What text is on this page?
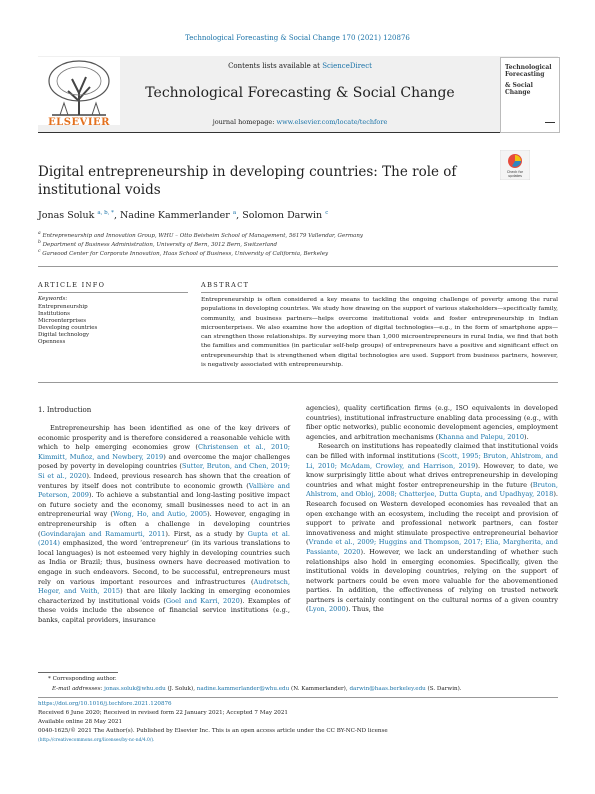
Technological Forecasting & Social Change 170 (2021) 120876
ELSEVIER
Contents lists available at ScienceDirect
Technological Forecasting & Social Change
journal homepage: www.elsevier.com/locate/techfore
Technological
Forecasting
& Social
Change
Digital entrepreneurship in developing countries: The role of institutional voids
Check for
updates
Jonas Soluk $^{a, b, *}$, Nadine Kammerlander $^a$, Solomon Darwin $^c$
$^a$ Entrepreneurship and Innovation Group, WHU – Otto Beisheim School of Management, 56179 Vallendar, Germany
$^b$ Department of Business Administration, University of Bern, 3012 Bern, Switzerland
$^c$ Garwood Center for Corporate Innovation, Haas School of Business, University of California, Berkeley
ARTICLE INFO	ABSTRACT
Keywords:
Entrepreneurship
Institutions
Microenterprises
Developing countries
Digital technology
Openness
Entrepreneurship is often considered a key means to tackling the ongoing challenge of poverty among the rural populations in developing countries. We study how drawing on the support of various stakeholders—specifically family, community, and business partners—helps overcome institutional voids and foster entrepreneurship in Indian microenterprises. We also examine how the adoption of digital technologies—e.g., in the form of smartphone apps—can strengthen those relationships. By surveying more than 1,000 microentrepreneurs in rural India, we find that both the families and communities (in particular self-help groups) of entrepreneurs have a positive and significant effect on entrepreneurship that is strengthened when digital technologies are used. Support from business partners, however, is negatively associated with entrepreneurship.
1. Introduction

Entrepreneurship has been identified as one of the key drivers of economic prosperity and is therefore considered a reasonable vehicle with which to help emerging economies grow (Christensen et al., 2010; Kimmitt, Muñoz, and Newbery, 2019) and overcome the major challenges posed by poverty in developing countries (Sutter, Bruton, and Chen, 2019; Si et al., 2020). Indeed, previous research has shown that the creation of ventures by itself does not contribute to economic growth (Vallière and Peterson, 2009). To achieve a substantial and long-lasting positive impact on future society and the economy, small businesses need to act in an entrepreneurial way (Wong, Ho, and Autio, 2005). However, engaging in entrepreneurship is often a challenge in developing countries (Govindarajan and Ramamurti, 2011). First, as a study by Gupta et al. (2014) emphasized, the word ‘entrepreneur’ (in its various translations to local languages) is not esteemed very highly in developing countries such as India or Brazil; thus, business owners have decreased motivation to engage in such endeavors. Second, to be successful, entrepreneurs must rely on various important resources and infrastructures (Audretsch, Heger, and Veith, 2015) that are likely lacking in emerging economies characterized by institutional voids (Goel and Karri, 2020). Examples of these voids include the absence of financial service institutions (e.g., banks, capital providers, insurance

agencies), quality certification firms (e.g., ISO equivalents in developed countries), institutional infrastructure enabling data processing (e.g., with fiber optic networks), public economic development agencies, employment agencies, and arbitration mechanisms (Khanna and Palepu, 2010).

Research on institutions has repeatedly claimed that institutional voids can be filled with informal institutions (Scott, 1995; Bruton, Ahlstrom, and Li, 2010; McAdam, Crowley, and Harrison, 2019). However, to date, we know surprisingly little about what drives entrepreneurship in developing countries and what might foster entrepreneurship in the future (Bruton, Ahlstrom, and Obloj, 2008; Chatterjee, Dutta Gupta, and Upadhyay, 2018). Research focused on Western developed economies has revealed that an open exchange with an ecosystem, including the receipt and provision of support to private and professional network partners, can foster innovativeness and might stimulate prospective entrepreneurial behavior (Vrande et al., 2009; Huggins and Thompson, 2017; Elia, Margherita, and Passiante, 2020). However, we lack an understanding of whether such relationships also hold in emerging economies. Specifically, given the institutional voids in developing countries, relying on the support of network partners could be even more valuable for the abovementioned parties. In addition, the effectiveness of relying on trusted network partners is certainly contingent on the cultural norms of a given country (Lyon, 2000). Thus, the

* Corresponding author.
E-mail addresses: jonas.soluk@whu.edu (J. Soluk), nadine.kammerlander@whu.edu (N. Kammerlander), darwin@haas.berkeley.edu (S. Darwin).
https://doi.org/10.1016/j.techfore.2021.120876
Received 6 June 2020; Received in revised form 22 January 2021; Accepted 7 May 2021
Available online 28 May 2021
0040-1625/© 2021 The Author(s). Published by Elsevier Inc. This is an open access article under the CC BY-NC-ND license
(http://creativecommons.org/licenses/by-nc-nd/4.0/).
